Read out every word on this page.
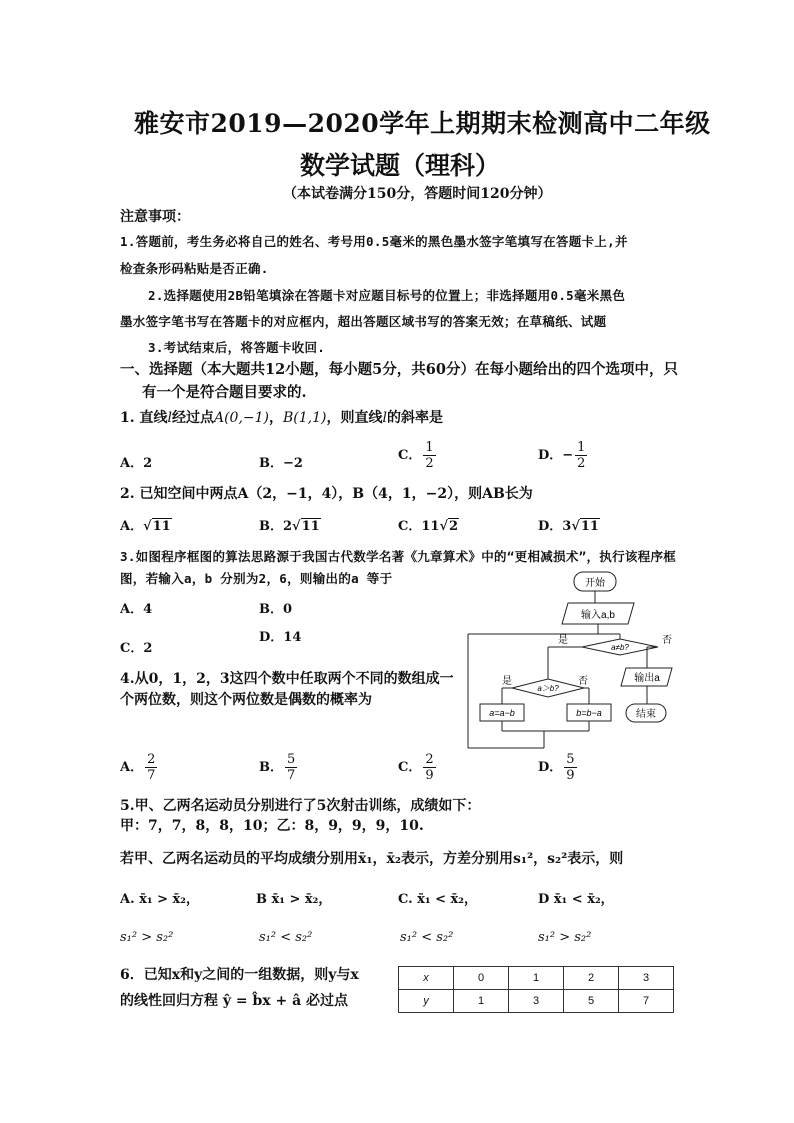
雅安市2019—2020学年上期期末检测高中二年级
数学试题（理科）
（本试卷满分150分，答题时间120分钟）
注意事项：
1.答题前，考生务必将自己的姓名、考号用0.5毫米的黑色墨水签字笔填写在答题卡上,并
检查条形码粘贴是否正确.
2.选择题使用2B铅笔填涂在答题卡对应题目标号的位置上；非选择题用0.5毫米黑色
墨水签字笔书写在答题卡的对应框内，超出答题区域书写的答案无效；在草稿纸、试题
3.考试结束后，将答题卡收回.
一、选择题（本大题共12小题，每小题5分，共60分）在每小题给出的四个选项中，只
有一个是符合题目要求的.
1. 直线l经过点A(0,−1)，B(1,1)，则直线l的斜率是
A．2	B．−2
C． $\frac{1}{2}$	D．− $\frac{1}{2}$
2. 已知空间中两点A（2，−1，4），B（4，1，−2），则AB长为
A．√11	B．2√11	C．11√2	D．3√11
3.如图程序框图的算法思路源于我国古代数学名著《九章算术》中的“更相减损术”，执行该程序框
图，若输入a，b 分别为2，6，则输出的a 等于
A．4	B．0
D．14
C．2
开始
输入a,b
a≠b?
a＞b?
a=a−b	b=b−a
输出a
结束
是	否
是	否
4.从0，1，2，3这四个数中任取两个不同的数组成一
个两位数，则这个两位数是偶数的概率为
A． $\frac{2}{7}$	B． $\frac{5}{7}$	C． $\frac{2}{9}$	D． $\frac{5}{9}$
5.甲、乙两名运动员分别进行了5次射击训练，成绩如下：
甲：7，7，8，8，10；乙：8，9，9，9，10.
若甲、乙两名运动员的平均成绩分别用x̄₁，x̄₂表示，方差分别用s₁²，s₂²表示，则
A. x̄₁ > x̄₂，	B x̄₁ > x̄₂，	C. x̄₁ < x̄₂，	D x̄₁ < x̄₂，
s₁² > s₂²	s₁² < s₂²	s₁² < s₂²	s₁² > s₂²
6．已知x和y之间的一组数据，则y与x
的线性回归方程 ŷ = b̂x + â 必过点
x	0	1	2	3
y	1	3	5	7
